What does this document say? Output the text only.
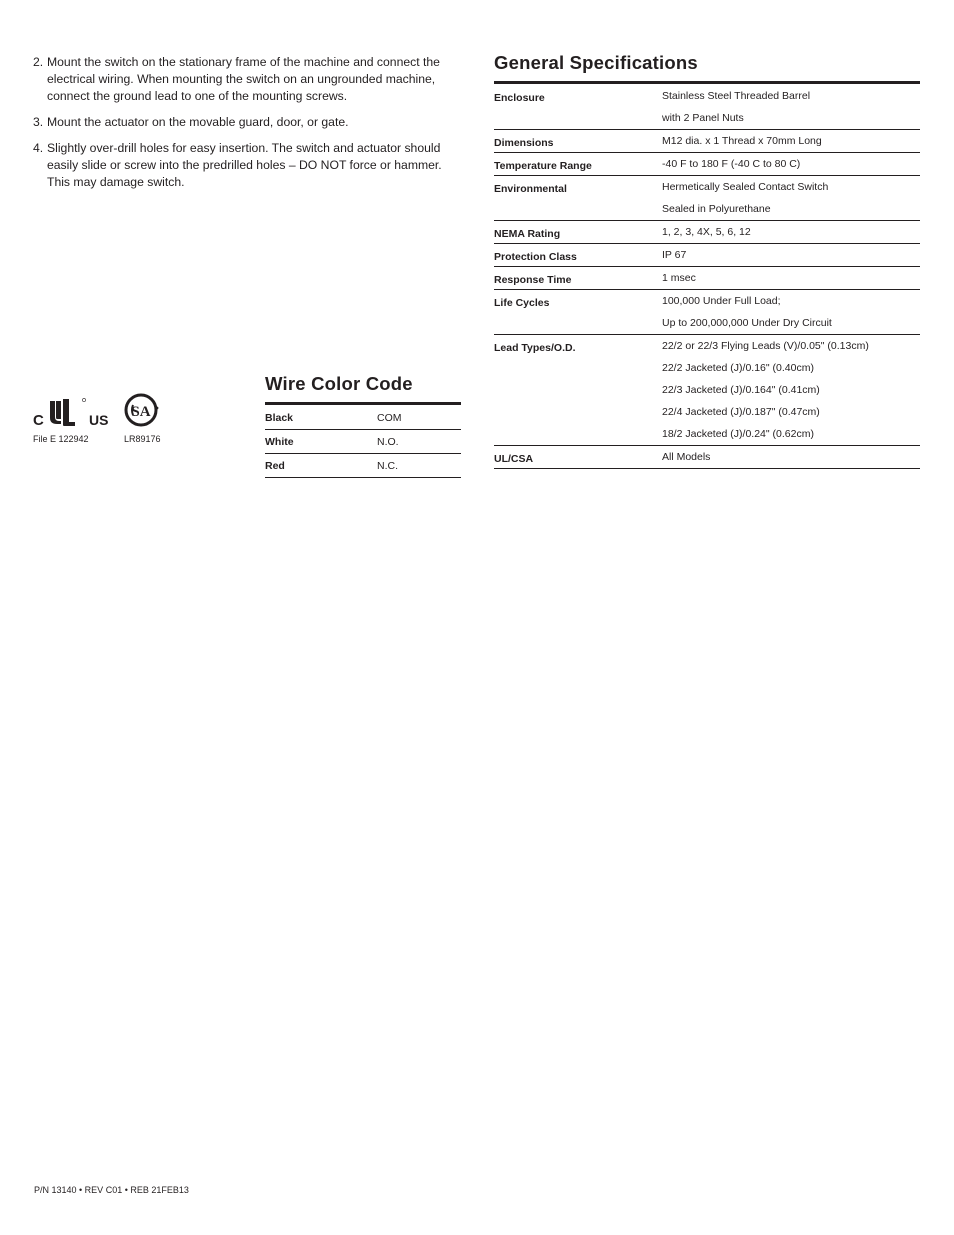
2. Mount the switch on the stationary frame of the machine and connect the electrical wiring. When mounting the switch on an ungrounded machine, connect the ground lead to one of the mounting screws.
3. Mount the actuator on the movable guard, door, or gate.
4. Slightly over-drill holes for easy insertion. The switch and actuator should easily slide or screw into the predrilled holes – DO NOT force or hammer.
This may damage switch.
General Specifications
Enclosure	Stainless Steel Threaded Barrel
with 2 Panel Nuts
Dimensions	M12 dia. x 1 Thread x 70mm Long
Temperature Range	-40 F to 180 F (-40 C to 80 C)
Environmental	Hermetically Sealed Contact Switch
Sealed in Polyurethane
NEMA Rating	1, 2, 3, 4X, 5, 6, 12
Protection Class	IP 67
Response Time	1 msec
Life Cycles	100,000 Under Full Load;
Up to 200,000,000 Under Dry Circuit
Lead Types/O.D.	22/2 or 22/3 Flying Leads (V)/0.05" (0.13cm)
22/2 Jacketed (J)/0.16" (0.40cm)
22/3 Jacketed (J)/0.164" (0.41cm)
22/4 Jacketed (J)/0.187" (0.47cm)
18/2 Jacketed (J)/0.24" (0.62cm)
UL/CSA	All Models
Wire Color Code
Black	COM
White	N.O.
Red	N.C.
C	US
File E 122942
SA
LR89176
P/N 13140 • REV C01 • REB 21FEB13
